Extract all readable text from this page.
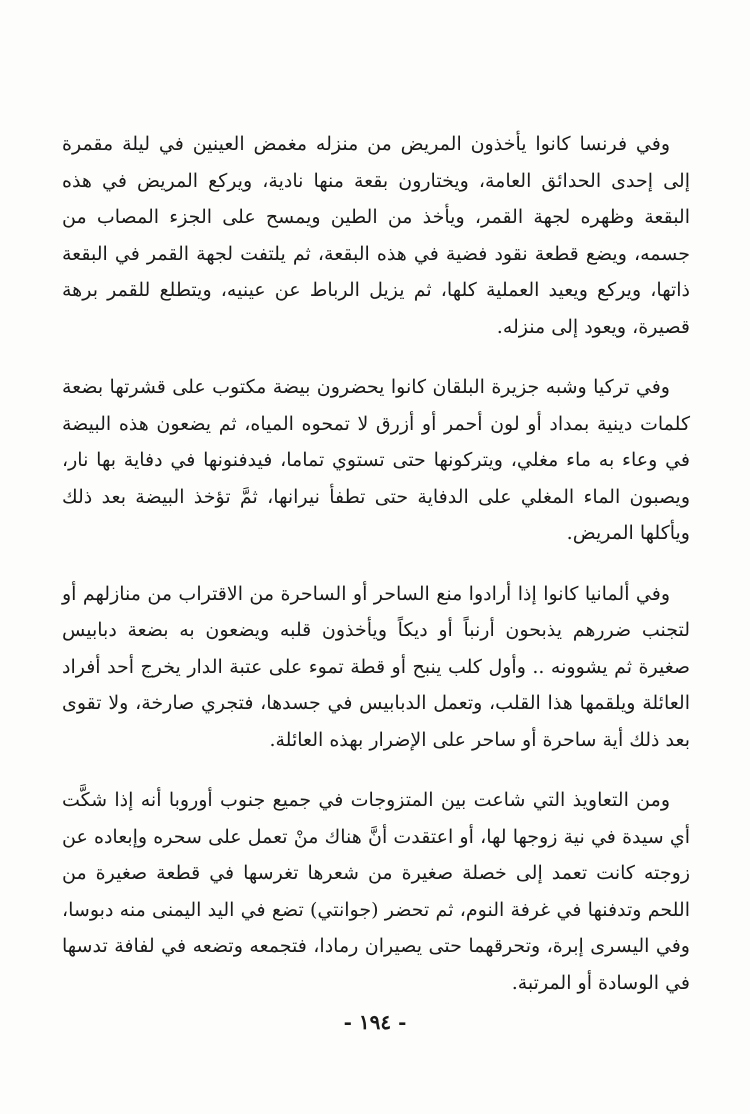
وفي فرنسا كانوا يأخذون المريض من منزله مغمض العينين في ليلة مقمرة إلى إحدى الحدائق العامة، ويختارون بقعة منها نادية، ويركع المريض في هذه البقعة وظهره لجهة القمر، ويأخذ من الطين ويمسح على الجزء المصاب من جسمه، ويضع قطعة نقود فضية في هذه البقعة، ثم يلتفت لجهة القمر في البقعة ذاتها، ويركع ويعيد العملية كلها، ثم يزيل الرباط عن عينيه، ويتطلع للقمر برهة قصيرة، ويعود إلى منزله.

وفي تركيا وشبه جزيرة البلقان كانوا يحضرون بيضة مكتوب على قشرتها بضعة كلمات دينية بمداد أو لون أحمر أو أزرق لا تمحوه المياه، ثم يضعون هذه البيضة في وعاء به ماء مغلي، ويتركونها حتى تستوي تماما، فيدفنونها في دفاية بها نار، ويصبون الماء المغلي على الدفاية حتى تطفأ نيرانها، ثمَّ تؤخذ البيضة بعد ذلك ويأكلها المريض.

وفي ألمانيا كانوا إذا أرادوا منع الساحر أو الساحرة من الاقتراب من منازلهم أو لتجنب ضررهم يذبحون أرنباً أو ديكاً ويأخذون قلبه ويضعون به بضعة دبابيس صغيرة ثم يشوونه .. وأول كلب ينبح أو قطة تموء على عتبة الدار يخرج أحد أفراد العائلة ويلقمها هذا القلب، وتعمل الدبابيس في جسدها، فتجري صارخة، ولا تقوى بعد ذلك أية ساحرة أو ساحر على الإضرار بهذه العائلة.

ومن التعاويذ التي شاعت بين المتزوجات في جميع جنوب أوروبا أنه إذا شكَّت أي سيدة في نية زوجها لها، أو اعتقدت أنَّ هناك منْ تعمل على سحره وإبعاده عن زوجته كانت تعمد إلى خصلة صغيرة من شعرها تغرسها في قطعة صغيرة من اللحم وتدفنها في غرفة النوم، ثم تحضر (جوانتي) تضع في اليد اليمنى منه دبوسا، وفي اليسرى إبرة، وتحرقهما حتى يصيران رمادا، فتجمعه وتضعه في لفافة تدسها في الوسادة أو المرتبة.

- ١٩٤ -
